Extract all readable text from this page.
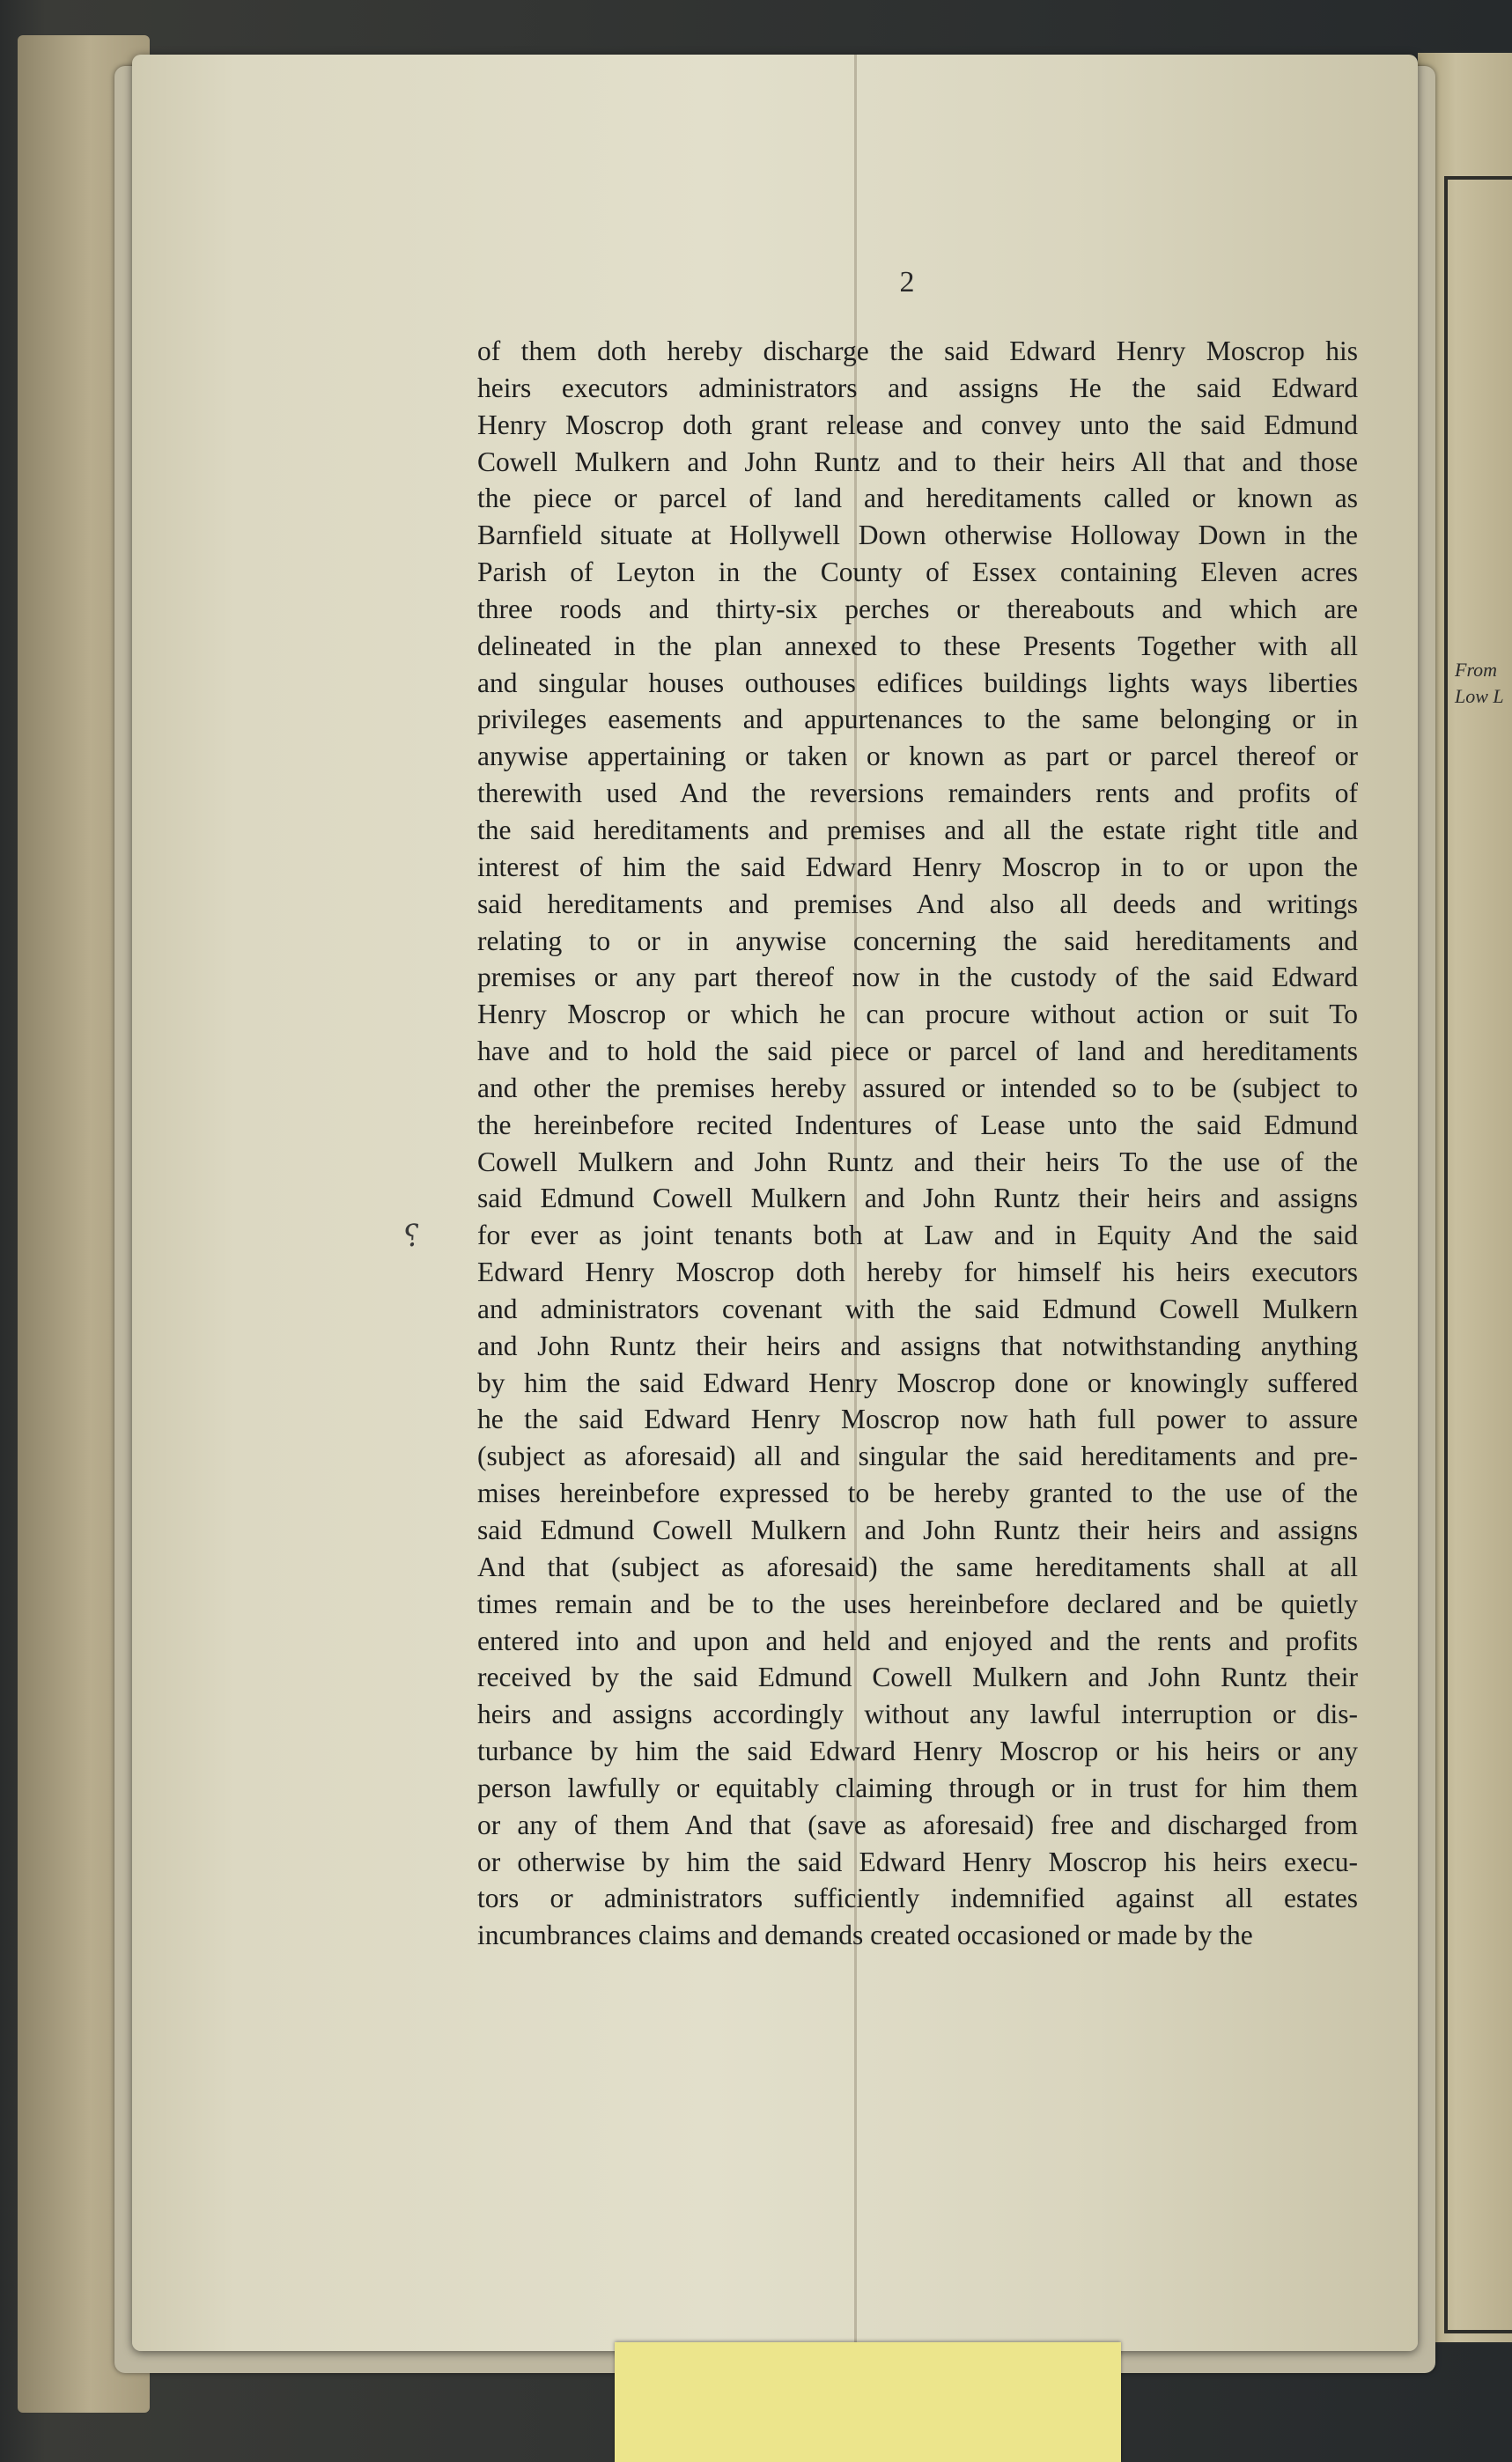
From
Low L
2
⸮
of them doth hereby discharge the said Edward Henry Moscrop his
heirs executors administrators and assigns He the said Edward
Henry Moscrop doth grant release and convey unto the said Edmund
Cowell Mulkern and John Runtz and to their heirs All that and those
the piece or parcel of land and hereditaments called or known as
Barnfield situate at Hollywell Down otherwise Holloway Down in the
Parish of Leyton in the County of Essex containing Eleven acres
three roods and thirty-six perches or thereabouts and which are
delineated in the plan annexed to these Presents Together with all
and singular houses outhouses edifices buildings lights ways liberties
privileges easements and appurtenances to the same belonging or in
anywise appertaining or taken or known as part or parcel thereof or
therewith used And the reversions remainders rents and profits of
the said hereditaments and premises and all the estate right title and
interest of him the said Edward Henry Moscrop in to or upon the
said hereditaments and premises And also all deeds and writings
relating to or in anywise concerning the said hereditaments and
premises or any part thereof now in the custody of the said Edward
Henry Moscrop or which he can procure without action or suit To
have and to hold the said piece or parcel of land and hereditaments
and other the premises hereby assured or intended so to be (subject to
the hereinbefore recited Indentures of Lease unto the said Edmund
Cowell Mulkern and John Runtz and their heirs To the use of the
said Edmund Cowell Mulkern and John Runtz their heirs and assigns
for ever as joint tenants both at Law and in Equity And the said
Edward Henry Moscrop doth hereby for himself his heirs executors
and administrators covenant with the said Edmund Cowell Mulkern
and John Runtz their heirs and assigns that notwithstanding anything
by him the said Edward Henry Moscrop done or knowingly suffered
he the said Edward Henry Moscrop now hath full power to assure
(subject as aforesaid) all and singular the said hereditaments and pre-
mises hereinbefore expressed to be hereby granted to the use of the
said Edmund Cowell Mulkern and John Runtz their heirs and assigns
And that (subject as aforesaid) the same hereditaments shall at all
times remain and be to the uses hereinbefore declared and be quietly
entered into and upon and held and enjoyed and the rents and profits
received by the said Edmund Cowell Mulkern and John Runtz their
heirs and assigns accordingly without any lawful interruption or dis-
turbance by him the said Edward Henry Moscrop or his heirs or any
person lawfully or equitably claiming through or in trust for him them
or any of them And that (save as aforesaid) free and discharged from
or otherwise by him the said Edward Henry Moscrop his heirs execu-
tors or administrators sufficiently indemnified against all estates
incumbrances claims and demands created occasioned or made by the
